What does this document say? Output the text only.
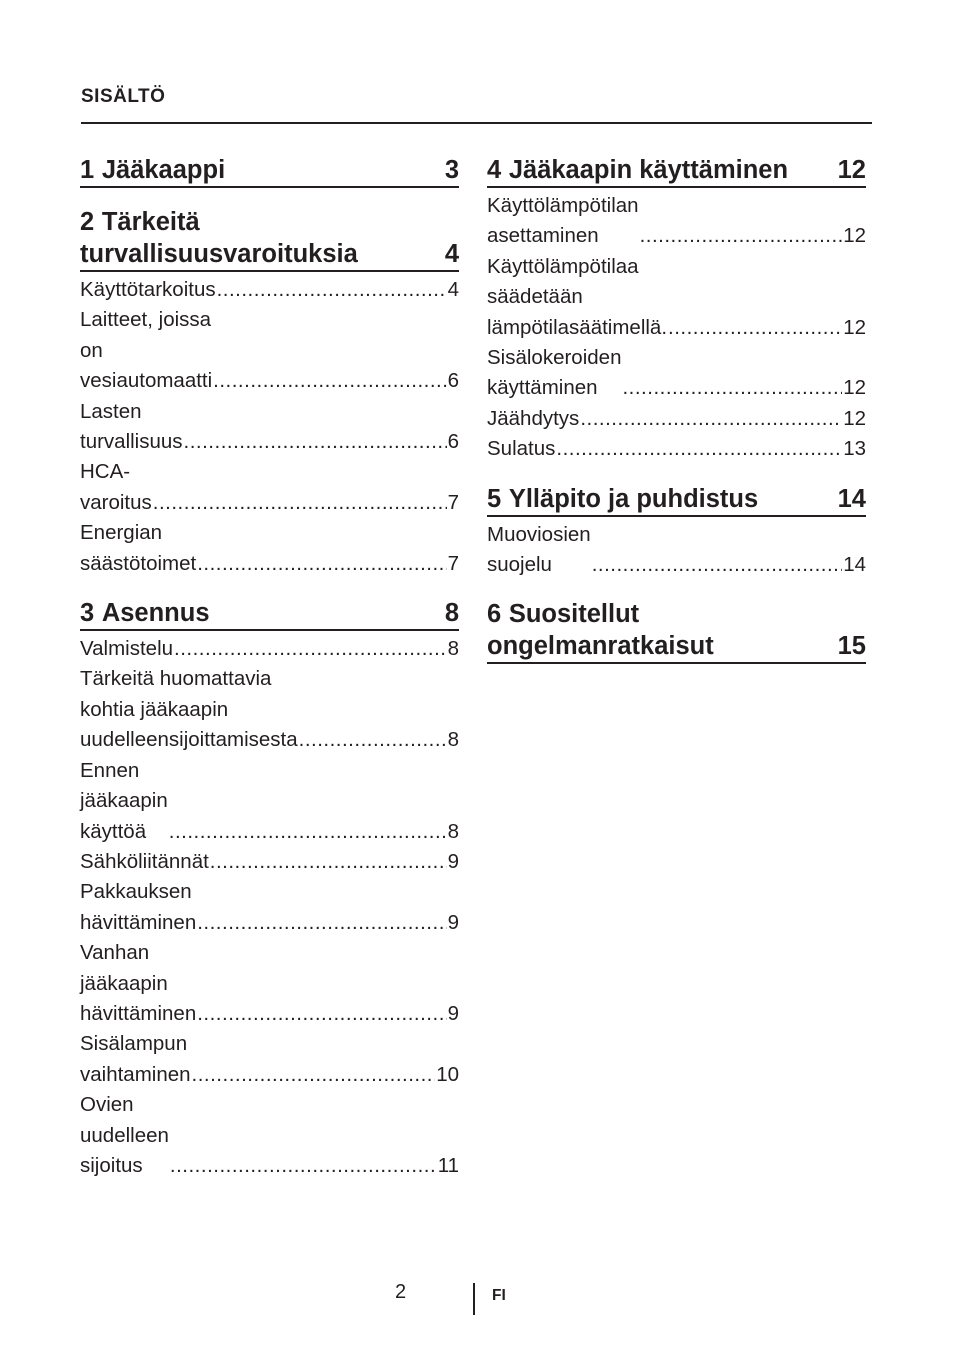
SISÄLTÖ
1 Jääkaappi	3
2 Tärkeitä turvallisuusvaroituksia	4
Käyttötarkoitus . . .	4
Laitteet, joissa on vesiautomaatti . . .	6
Lasten turvallisuus . . .	6
HCA-varoitus . . .	7
Energian säästötoimet . . .	7
3 Asennus	8
Valmistelu . . .	8
Tärkeitä huomattavia kohtia jääkaapin uudelleensijoittamisesta . . .	8
Ennen jääkaapin käyttöä . . .	8
Sähköliitännät . . .	9
Pakkauksen hävittäminen . . .	9
Vanhan jääkaapin hävittäminen . . .	9
Sisälampun vaihtaminen . . .	10
Ovien uudelleen sijoitus . . .	11
4 Jääkaapin käyttäminen 12
Käyttölämpötilan asettaminen . . .	12
Käyttölämpötilaa säädetään lämpötilasäätimellä. . . .	12
Sisälokeroiden käyttäminen . . .	12
Jäähdytys . . .	12
Sulatus . . .	13
5 Ylläpito ja puhdistus	14
Muoviosien suojelu . . .	14
6 Suositellut ongelmanratkaisut	15
2	FI
